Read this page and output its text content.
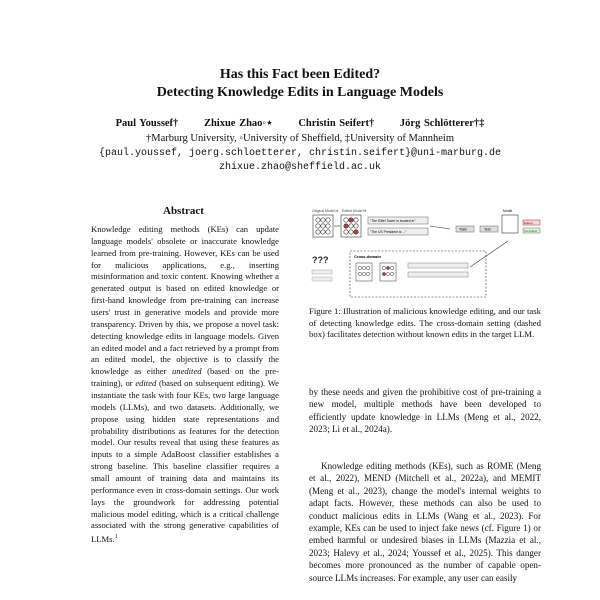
Has this Fact been Edited?
Detecting Knowledge Edits in Language Models
Paul Youssef† Zhixue Zhao◦⋆ Christin Seifert† Jörg Schlötterer†‡
†Marburg University, ◦University of Sheffield, ‡University of Mannheim
{paul.youssef, joerg.schloetterer, christin.seifert}@uni-marburg.de
zhixue.zhao@sheffield.ac.uk
Abstract
Knowledge editing methods (KEs) can update language models' obsolete or inaccurate knowledge learned from pre-training. However, KEs can be used for malicious applications, e.g., inserting misinformation and toxic content. Knowing whether a generated output is based on edited knowledge or first-hand knowledge from pre-training can increase users' trust in generative models and provide more transparency. Driven by this, we propose a novel task: detecting knowledge edits in language models. Given an edited model and a fact retrieved by a prompt from an edited model, the objective is to classify the knowledge as either unedited (based on the pre-training), or edited (based on subsequent editing). We instantiate the task with four KEs, two large language models (LLMs), and two datasets. Additionally, we propose using hidden state representations and probability distributions as features for the detection model. Our results reveal that using these features as inputs to a simple AdaBoost classifier establishes a strong baseline. This baseline classifier requires a small amount of training data and maintains its performance even in cross-domain settings. Our work lays the groundwork for addressing potential malicious model editing, which is a critical challenge associated with the strong generative capabilities of LLMs.$^1$
Original Model M Edited Model M
"The Eiffel Tower is located in"
"The US President is ..."
Train	Test
Model
Edited
Not Edited
Cross-domain
???
Figure 1: Illustration of malicious knowledge editing, and our task of detecting knowledge edits. The cross-domain setting (dashed box) facilitates detection without known edits in the target LLM.
by these needs and given the prohibitive cost of pre-training a new model, multiple methods have been developed to efficiently update knowledge in LLMs (Meng et al., 2022, 2023; Li et al., 2024a).
Knowledge editing methods (KEs), such as ROME (Meng et al., 2022), MEND (Mitchell et al., 2022a), and MEMIT (Meng et al., 2023), change the model's internal weights to adapt facts. However, these methods can also be used to conduct malicious edits in LLMs (Wang et al., 2023). For example, KEs can be used to inject fake news (cf. Figure 1) or embed harmful or undesired biases in LLMs (Mazzia et al., 2023; Halevy et al., 2024; Youssef et al., 2025). This danger becomes more pronounced as the number of capable open-source LLMs increases. For example, any user can easily
